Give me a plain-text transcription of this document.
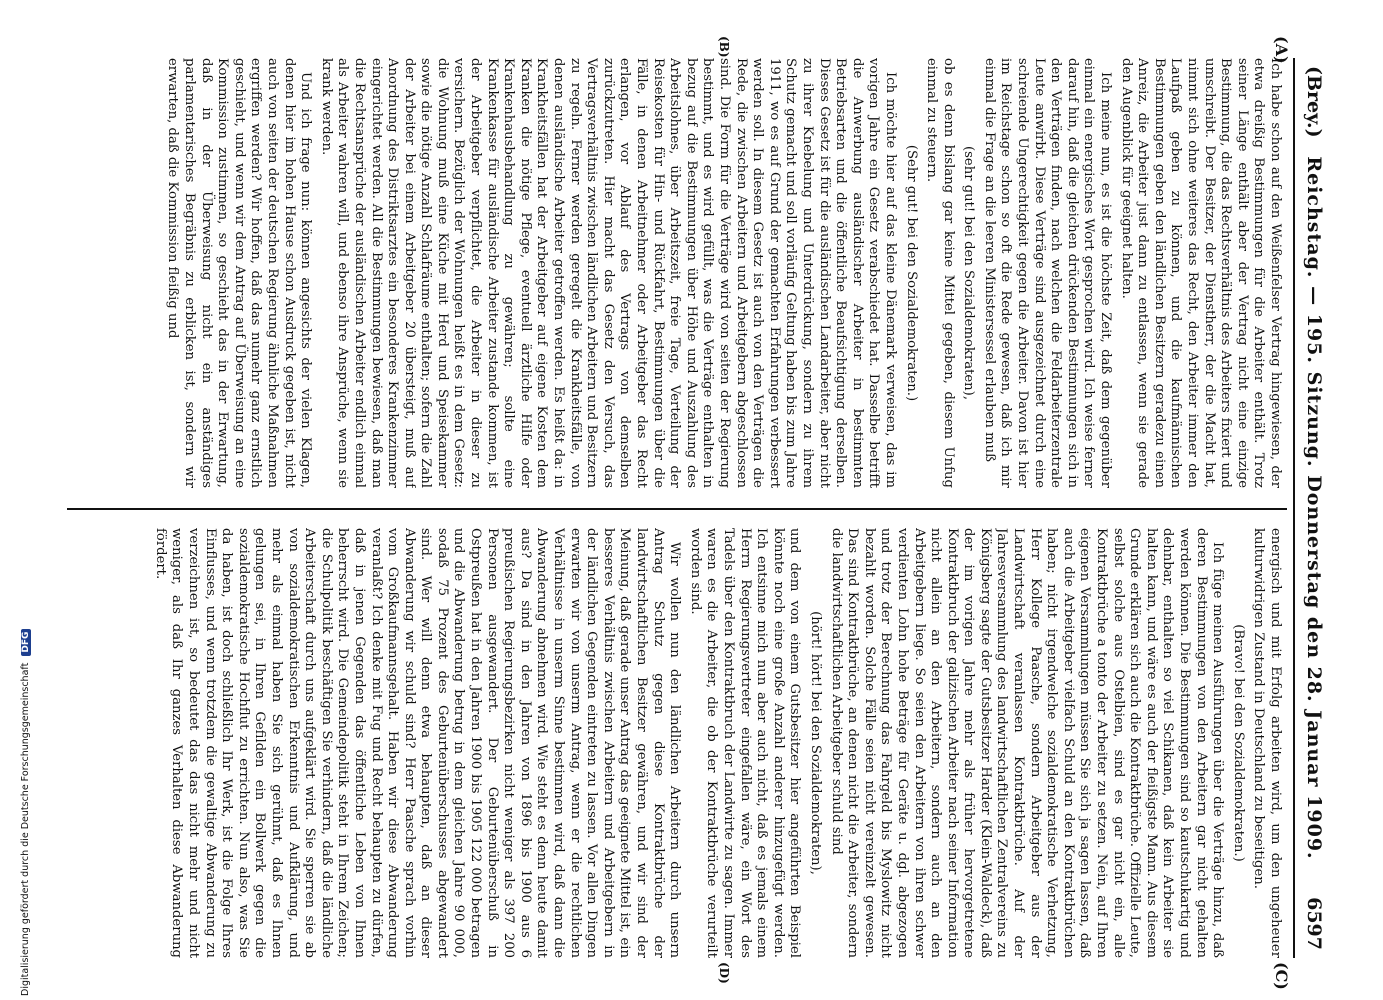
(Brey.)
Reichstag. — 195. Sitzung. Donnerstag den 28. Januar 1909.
6597
(A)
(B)
(C)
(D)

Ich habe schon auf den Weißenfelser Vertrag hingewiesen, der etwa dreißig Bestimmungen für die Arbeiter enthält. Trotz seiner Länge enthält aber der Vertrag nicht eine einzige Bestimmung, die das Rechtsverhältnis des Arbeiters fixiert und umschreibt. Der Besitzer, der Dienstherr, der die Macht hat, nimmt sich ohne weiteres das Recht, den Arbeiter immer den Laufpaß geben zu können, und die kaufmännischen Bestimmungen geben den ländlichen Besitzern geradezu einen Anreiz, die Arbeiter just dann zu entlassen, wenn sie gerade den Augenblick für geeignet halten.

Ich meine nun, es ist die höchste Zeit, daß dem gegenüber einmal ein energisches Wort gesprochen wird. Ich weise ferner darauf hin, daß die gleichen drückenden Bestimmungen sich in den Verträgen finden, nach welchen die Feldarbeiterzentrale Leute anwirbt. Diese Verträge sind ausgezeichnet durch eine schreiende Ungerechtigkeit gegen die Arbeiter. Davon ist hier im Reichstage schon so oft die Rede gewesen, daß ich mir einmal die Frage an die leeren Ministersessel erlauben muß

(sehr gut! bei den Sozialdemokraten),

ob es denn bislang gar keine Mittel gegeben, diesem Unfug einmal zu steuern.

(Sehr gut! bei den Sozialdemokraten.)

Ich möchte hier auf das kleine Dänemark verweisen, das im vorigen Jahre ein Gesetz verabschiedet hat. Dasselbe betrifft die Anwerbung ausländischer Arbeiter in bestimmten Betriebsarten und die öffentliche Beaufsichtigung derselben. Dieses Gesetz ist für die ausländischen Landarbeiter, aber nicht zu ihrer Knebelung und Unterdrückung, sondern zu ihrem Schutz gemacht und soll vorläufig Geltung haben bis zum Jahre 1911, wo es auf Grund der gemachten Erfahrungen verbessert werden soll. In diesem Gesetz ist auch von den Verträgen die Rede, die zwischen Arbeitern und Arbeitgebern abgeschlossen sind. Die Form für die Verträge wird von seiten der Regierung bestimmt, und es wird gefüllt, was die Verträge enthalten in bezug auf die Bestimmungen über Höhe und Auszahlung des Arbeitslohnes, über Arbeitszeit, freie Tage, Verteilung der Reisekosten für Hin- und Rückfahrt, Bestimmungen über die Fälle, in denen Arbeitnehmer oder Arbeitgeber das Recht erlangen, vor Ablauf des Vertrags von demselben zurückzutreten. Hier macht das Gesetz den Versuch, das Vertragsverhältnis zwischen ländlichen Arbeitern und Besitzern zu regeln. Ferner werden geregelt die Krankheitsfälle, von denen ausländische Arbeiter getroffen werden. Es heißt da: in Krankheitsfällen hat der Arbeitgeber auf eigene Kosten dem Kranken die nötige Pflege, eventuell ärztliche Hilfe oder Krankenhausbehandlung zu gewähren; sollte eine Krankenkasse für ausländische Arbeiter zustande kommen, ist der Arbeitgeber verpflichtet, die Arbeiter in dieser zu versichern. Bezüglich der Wohnungen heißt es in dem Gesetz: die Wohnung muß eine Küche mit Herd und Speisekammer sowie die nötige Anzahl Schlafräume enthalten; sofern die Zahl der Arbeiter bei einem Arbeitgeber 20 übersteigt, muß auf Anordnung des Distriktsarztes ein besonderes Krankenzimmer eingerichtet werden. All die Bestimmungen bewiesen, daß man die Rechtsansprüche der ausländischen Arbeiter endlich einmal als Arbeiter wahren will, und ebenso ihre Ansprüche, wenn sie krank werden.

Und ich frage nun: können angesichts der vielen Klagen, denen hier im hohen Hause schon Ausdruck gegeben ist, nicht auch von seiten der deutschen Regierung ähnliche Maßnahmen ergriffen werden? Wir hoffen, daß das numehr ganz ernstlich geschieht, und wenn wir dem Antrag auf Überweisung an eine Kommission zustimmen, so geschieht das in der Erwartung, daß in der Überweisung nicht ein anständiges parlamentarisches Begräbnis zu erblicken ist, sondern wir erwarten, daß die Kommission fleißig und

energisch und mit Erfolg arbeiten wird, um den ungeheuer kulturwidrigen Zustand in Deutschland zu beseitigen.

(Bravo! bei den Sozialdemokraten.)

Ich füge meinen Ausführungen über die Verträge hinzu, daß deren Bestimmungen von den Arbeitern gar nicht gehalten werden können. Die Bestimmungen sind so kautschukartig und dehnbar, enthalten so viel Schikanen, daß kein Arbeiter sie halten kann, und wäre es auch der fleißigste Mann. Aus diesem Grunde erklären sich auch die Kontraktbrüche. Offizielle Leute, selbst solche aus Ostelbien, sind es gar nicht ein, alle Kontraktbrüche a tonto der Arbeiter zu setzen. Nein, auf Ihren eigenen Versammlungen müssen Sie sich ja sagen lassen, daß auch die Arbeitgeber vielfach Schuld an den Kontraktbrüchen haben; nicht irgendwelche sozialdemokratische Verhetzung, Herr Kollege Paasche, sondern Arbeitgeber aus der Landwirtschaft veranlassen Kontraktbrüche. Auf der Jahresversammlung des landwirtschaftlichen Zentralvereins zu Königsberg sagte der Gutsbesitzer Harder (Klein-Waldeck), daß der im vorigen Jahre mehr als früher hervorgetretene Kontraktbruch der galizischen Arbeiter nach seiner Information nicht allein an den Arbeitern, sondern auch an den Arbeitgebern liege. So seien den Arbeitern von ihren schwer verdienten Lohn hohe Beträge für Geräte u. dgl. abgezogen und trotz der Berechnung das Fahrgeld bis Myslowitz nicht bezahlt worden. Solche Fälle seien nicht vereinzelt gewesen. Das sind Kontraktbrüche, an denen nicht die Arbeiter, sondern die landwirtschaftlichen Arbeitgeber schuld sind

(hört! hört! bei den Sozialdemokraten),

und dem von einem Gutsbesitzer hier angeführten Beispiel könnte noch eine große Anzahl anderer hinzugefügt werden. Ich entsinne mich nun aber auch nicht, daß es jemals einem Herrn Regierungsvertreter eingefallen wäre, ein Wort des Tadels über den Kontraktbruch der Landwirte zu sagen. Immer waren es die Arbeiter, die ob der Kontraktbrüche verurteilt worden sind.

Wir wollen nun den ländlichen Arbeitern durch unsern Antrag Schutz gegen diese Kontraktbrüche der landwirtschaftlichen Besitzer gewähren, und wir sind der Meinung, daß gerade unser Antrag das geeignete Mittel ist, ein besseres Verhältnis zwischen Arbeitern und Arbeitgebern in der ländlichen Gegenden eintreten zu lassen. Vor allen Dingen erwarten wir von unserm Antrag, wenn er die rechtlichen Verhältnisse in unserm Sinne bestimmen wird, daß dann die Abwanderung abnehmen wird. Wie steht es denn heute damit aus? Da sind in den Jahren von 1896 bis 1900 aus 6 preußischen Regierungsbezirken nicht weniger als 397 200 Personen ausgewandert. Der Geburtenüberschuß in Ostpreußen hat in den Jahren 1900 bis 1905 122 000 betragen und die Abwanderung betrug in dem gleichen Jahre 90 000, sodaß 75 Prozent des Geburtenüberschusses abgewandert sind. Wer will denn etwa behaupten, daß an dieser Abwanderung wir schuld sind? Herr Paasche sprach vorhin vom Großkaufmannsgehalt. Haben wir diese Abwanderung veranlaßt? Ich denke mit Fug und Recht behaupten zu dürfen, daß in jenen Gegenden das öffentliche Leben von Ihnen beherrscht wird. Die Gemeindepolitik steht in Ihrem Zeichen; die Schulpolitik beschäftigen Sie verhindern, daß die ländliche Arbeiterschaft durch uns aufgeklärt wird. Sie sperren sie ab von sozialdemokratischen Erkenntnis und Aufklärung, und mehr als einmal haben Sie sich gerühmt, daß es Ihnen gelungen sei, in Ihren Gefilden ein Bollwerk gegen die sozialdemokratische Hochflut zu errichten. Nun also, was Sie da haben, ist doch schließlich Ihr Werk, ist die Folge Ihres Einflusses, und wenn trotzdem die gewaltige Abwanderung zu verzeichnen ist, so bedeutet das das nicht mehr und nicht weniger, als daß Ihr ganzes Verhalten diese Abwanderung fördert.

Digitalisierung gefördert durch die Deutsche Forschungsgemeinschaft DFG
